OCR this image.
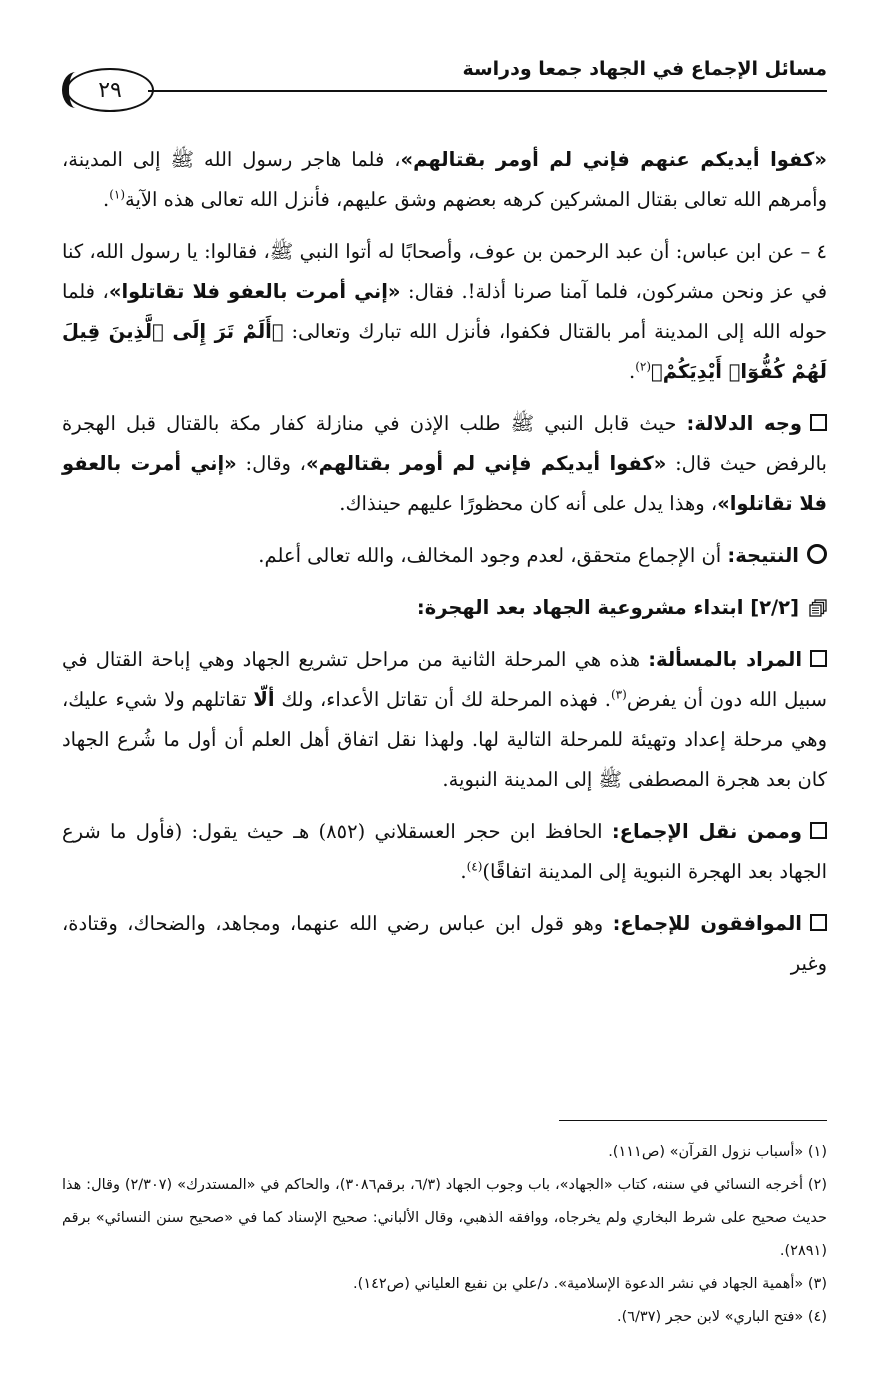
مسائل الإجماع في الجهاد جمعا ودراسة
٢٩

«كفوا أيديكم عنهم فإني لم أومر بقتالهم»، فلما هاجر رسول الله ﷺ إلى المدينة، وأمرهم الله تعالى بقتال المشركين كرهه بعضهم وشق عليهم، فأنزل الله تعالى هذه الآية$^{(١)}$.

٤ – عن ابن عباس: أن عبد الرحمن بن عوف، وأصحابًا له أتوا النبي ﷺ، فقالوا: يا رسول الله، كنا في عز ونحن مشركون، فلما آمنا صرنا أذلة!. فقال: «إني أمرت بالعفو فلا تقاتلوا»، فلما حوله الله إلى المدينة أمر بالقتال فكفوا، فأنزل الله تبارك وتعالى: ﴿أَلَمْ تَرَ إِلَى ٱلَّذِينَ قِيلَ لَهُمْ كُفُّوٓا۟ أَيْدِيَكُمْ﴾$^{(٢)}$.

وجه الدلالة: حيث قابل النبي ﷺ طلب الإذن في منازلة كفار مكة بالقتال قبل الهجرة بالرفض حيث قال: «كفوا أيديكم فإني لم أومر بقتالهم»، وقال: «إني أمرت بالعفو فلا تقاتلوا»، وهذا يدل على أنه كان محظورًا عليهم حينذاك.

النتيجة: أن الإجماع متحقق، لعدم وجود المخالف، والله تعالى أعلم.

[٢/٢] ابتداء مشروعية الجهاد بعد الهجرة:

المراد بالمسألة: هذه هي المرحلة الثانية من مراحل تشريع الجهاد وهي إباحة القتال في سبيل الله دون أن يفرض$^{(٣)}$. فهذه المرحلة لك أن تقاتل الأعداء، ولك ألّا تقاتلهم ولا شيء عليك، وهي مرحلة إعداد وتهيئة للمرحلة التالية لها. ولهذا نقل اتفاق أهل العلم أن أول ما شُرع الجهاد كان بعد هجرة المصطفى ﷺ إلى المدينة النبوية.

وممن نقل الإجماع: الحافظ ابن حجر العسقلاني (٨٥٢) هـ حيث يقول: (فأول ما شرع الجهاد بعد الهجرة النبوية إلى المدينة اتفاقًا)$^{(٤)}$.

الموافقون للإجماع: وهو قول ابن عباس رضي الله عنهما، ومجاهد، والضحاك، وقتادة، وغير

(١) «أسباب نزول القرآن» (ص١١١).

(٢) أخرجه النسائي في سننه، كتاب «الجهاد»، باب وجوب الجهاد (٦/٣، برقم٣٠٨٦)، والحاكم في «المستدرك» (٢/٣٠٧) وقال: هذا حديث صحيح على شرط البخاري ولم يخرجاه، ووافقه الذهبي، وقال الألباني: صحيح الإسناد كما في «صحيح سنن النسائي» برقم (٢٨٩١).

(٣) «أهمية الجهاد في نشر الدعوة الإسلامية». د/علي بن نفيع العلياني (ص١٤٢).

(٤) «فتح الباري» لابن حجر (٦/٣٧).
